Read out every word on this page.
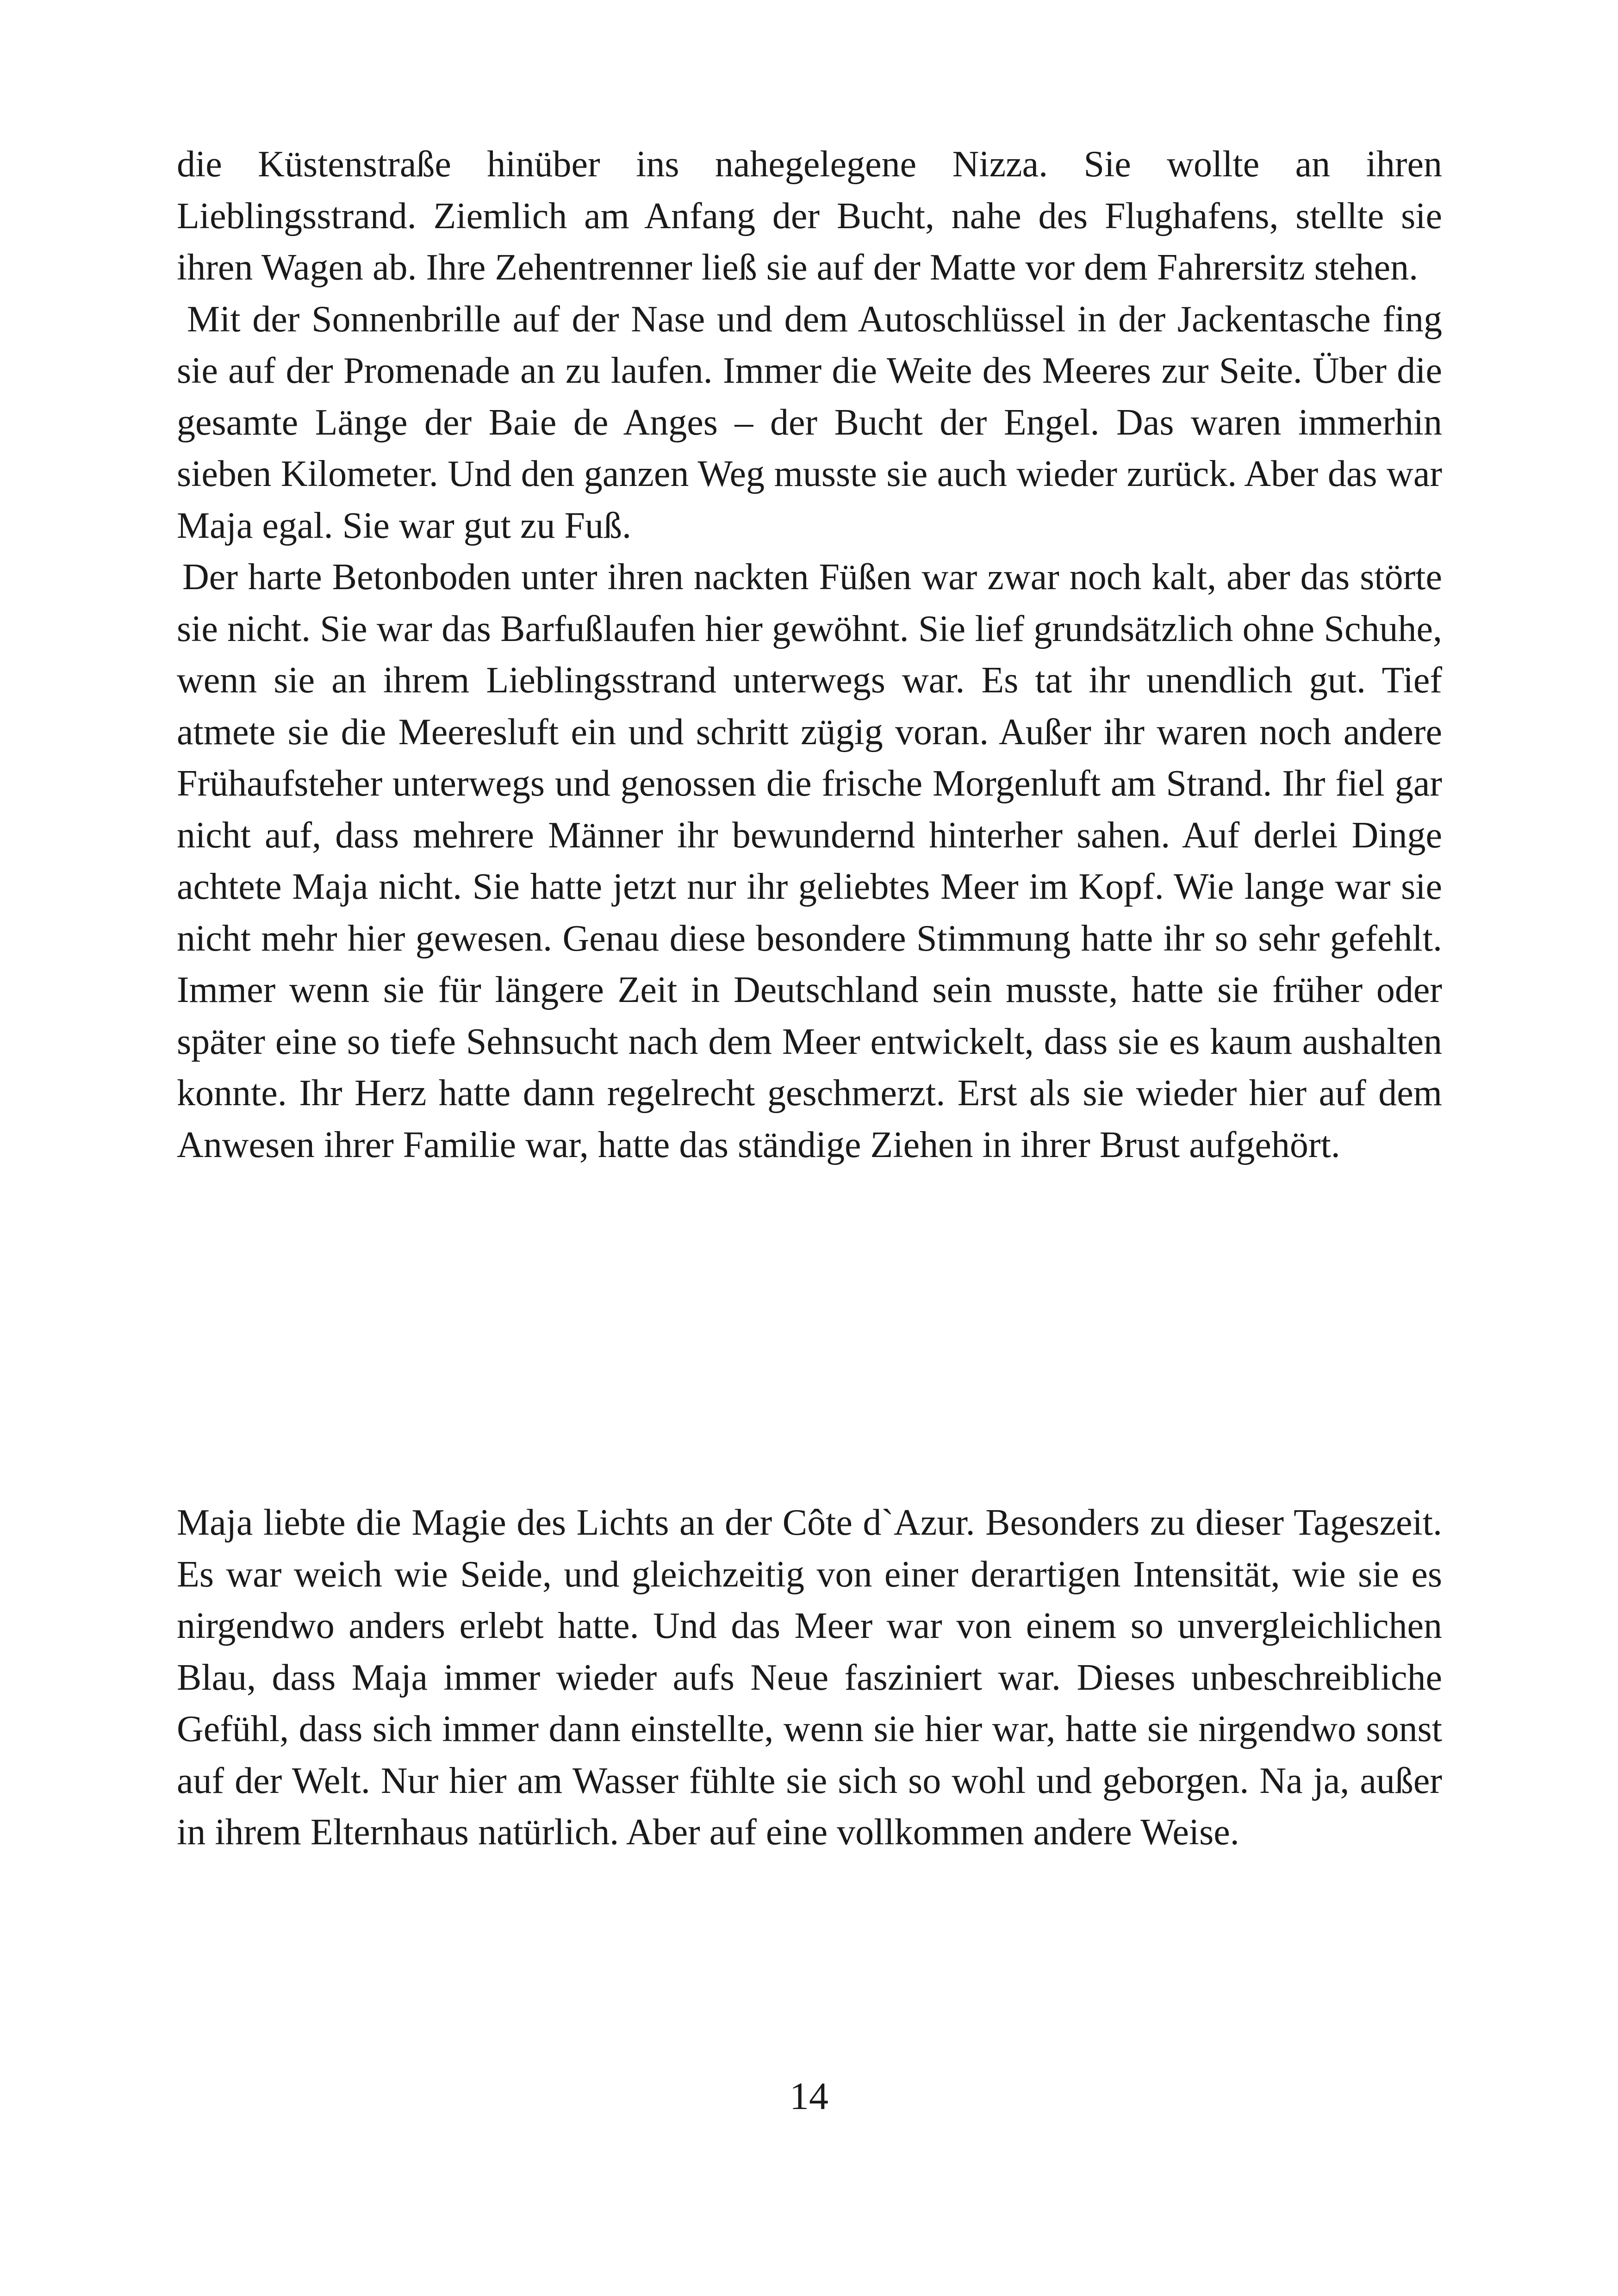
die Küstenstraße hinüber ins nahegelegene Nizza. Sie wollte an ihren Lieblingsstrand. Ziemlich am Anfang der Bucht, nahe des Flughafens, stellte sie ihren Wagen ab. Ihre Zehentrenner ließ sie auf der Matte vor dem Fahrersitz stehen.

Mit der Sonnenbrille auf der Nase und dem Autoschlüssel in der Jackentasche fing sie auf der Promenade an zu laufen. Immer die Weite des Meeres zur Seite. Über die gesamte Länge der Baie de Anges – der Bucht der Engel. Das waren immerhin sieben Kilometer. Und den ganzen Weg musste sie auch wieder zurück. Aber das war Maja egal. Sie war gut zu Fuß.

Der harte Betonboden unter ihren nackten Füßen war zwar noch kalt, aber das störte sie nicht. Sie war das Barfußlaufen hier gewöhnt. Sie lief grundsätzlich ohne Schuhe, wenn sie an ihrem Lieblingsstrand unterwegs war. Es tat ihr unendlich gut. Tief atmete sie die Meeresluft ein und schritt zügig voran. Außer ihr waren noch andere Frühaufsteher unterwegs und genossen die frische Morgenluft am Strand. Ihr fiel gar nicht auf, dass mehrere Männer ihr bewundernd hinterher sahen. Auf derlei Dinge achtete Maja nicht. Sie hatte jetzt nur ihr geliebtes Meer im Kopf. Wie lange war sie nicht mehr hier gewesen. Genau diese besondere Stimmung hatte ihr so sehr gefehlt. Immer wenn sie für längere Zeit in Deutschland sein musste, hatte sie früher oder später eine so tiefe Sehnsucht nach dem Meer entwickelt, dass sie es kaum aushalten konnte. Ihr Herz hatte dann regelrecht geschmerzt. Erst als sie wieder hier auf dem Anwesen ihrer Familie war, hatte das ständige Ziehen in ihrer Brust aufgehört.

Maja liebte die Magie des Lichts an der Côte d`Azur. Besonders zu dieser Tageszeit. Es war weich wie Seide, und gleichzeitig von einer derartigen Intensität, wie sie es nirgendwo anders erlebt hatte. Und das Meer war von einem so unvergleichlichen Blau, dass Maja immer wieder aufs Neue fasziniert war. Dieses unbeschreibliche Gefühl, dass sich immer dann einstellte, wenn sie hier war, hatte sie nirgendwo sonst auf der Welt. Nur hier am Wasser fühlte sie sich so wohl und geborgen. Na ja, außer in ihrem Elternhaus natürlich. Aber auf eine vollkommen andere Weise.

14
